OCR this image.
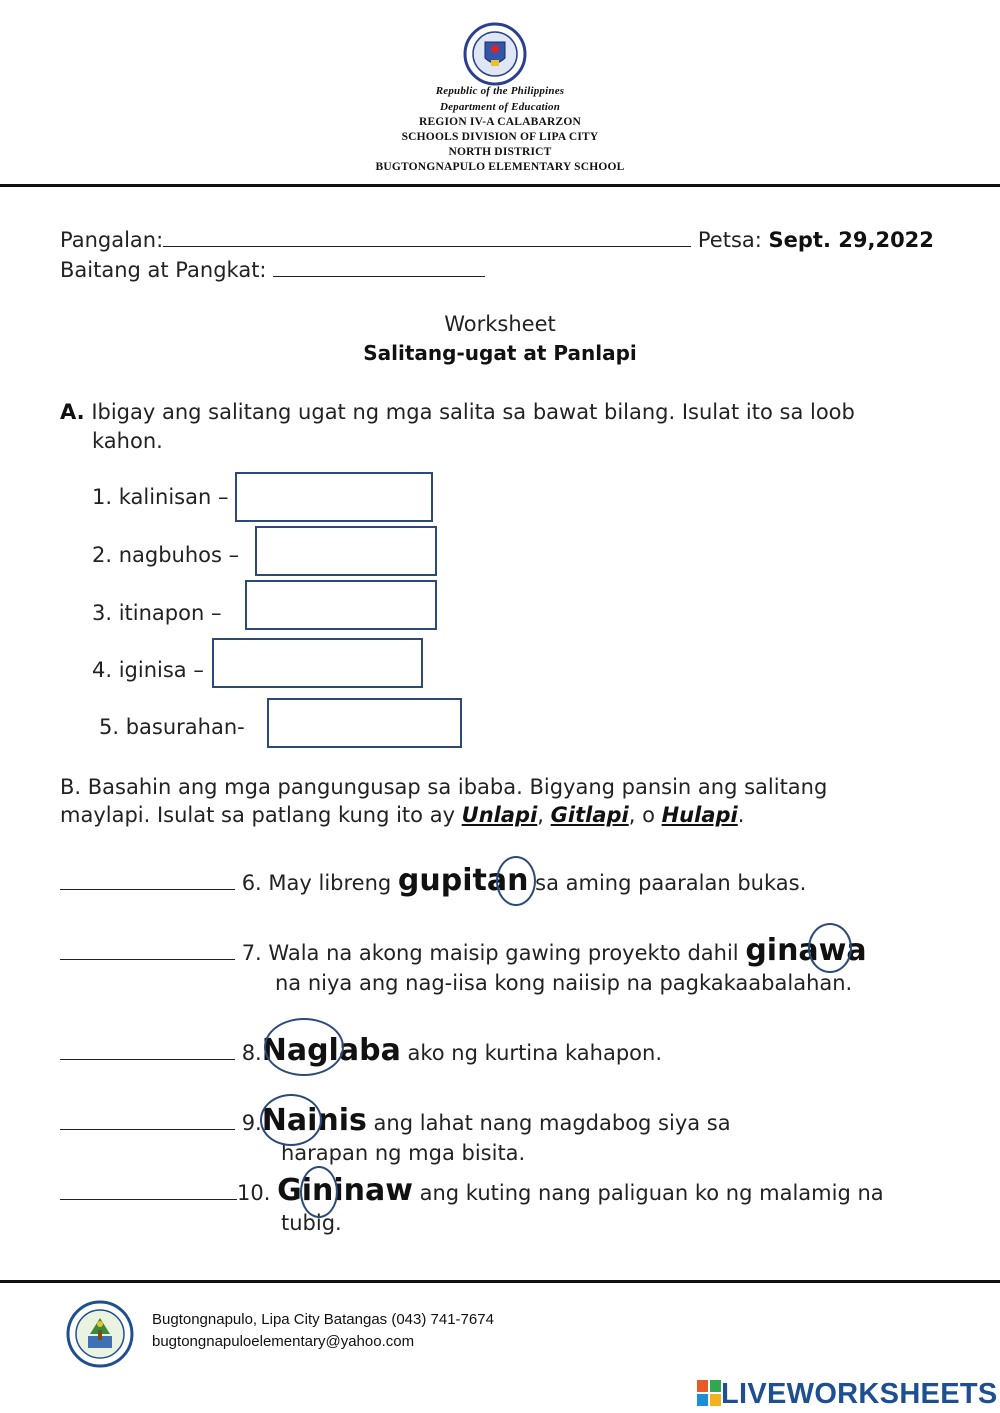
Republic of the Philippines
Department of Education
REGION IV-A CALABARZON
SCHOOLS DIVISION OF LIPA CITY
NORTH DISTRICT
BUGTONGNAPULO ELEMENTARY SCHOOL
Pangalan:	Petsa: Sept. 29,2022
Baitang at Pangkat:
Worksheet
Salitang-ugat at Panlapi
A. Ibigay ang salitang ugat ng mga salita sa bawat bilang. Isulat ito sa loob
kahon.
1. kalinisan –
2. nagbuhos –
3. itinapon –
4. iginisa –
5. basurahan-
B. Basahin ang mga pangungusap sa ibaba. Bigyang pansin ang salitang
maylapi. Isulat sa patlang kung ito ay Unlapi, Gitlapi, o Hulapi.
6. May libreng gupitan sa aming paaralan bukas.
7. Wala na akong maisip gawing proyekto dahil ginawa
na niya ang nag-iisa kong naiisip na pagkakaabalahan.
8.Naglaba ako ng kurtina kahapon.
9.Nainis ang lahat nang magdabog siya sa
harapan ng mga bisita.
10. Gininaw ang kuting nang paliguan ko ng malamig na
tubig.
Bugtongnapulo, Lipa City Batangas (043) 741-7674
bugtongnapuloelementary@yahoo.com
LIVEWORKSHEETS
